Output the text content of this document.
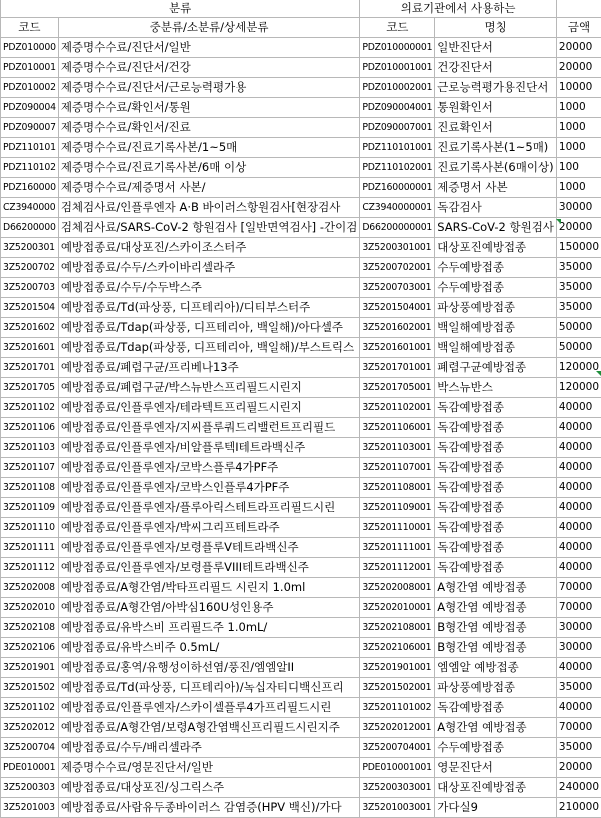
분류		의료기관에서 사용하는		
코드	중분류/소분류/상세분류	코드	명칭	금액
PDZ010000	제증명수수료/진단서/일반	PDZ010000001	일반진단서	20000
PDZ010001	제증명수수료/진단서/건강	PDZ010001001	건강진단서	20000
PDZ010002	제증명수수료/진단서/근로능력평가용	PDZ010002001	근로능력평가용진단서	10000
PDZ090004	제증명수수료/확인서/통원	PDZ090004001	통원확인서	1000
PDZ090007	제증명수수료/확인서/진료	PDZ090007001	진료확인서	1000
PDZ110101	제증명수수료/진료기록사본/1~5매	PDZ110101001	진료기록사본(1~5매)	1000
PDZ110102	제증명수수료/진료기록사본/6매 이상	PDZ110102001	진료기록사본(6매이상)	100
PDZ160000	제증명수수료/제증명서 사본/	PDZ160000001	제증명서 사본	1000
CZ3940000	검체검사료/인플루엔자 A·B 바이러스항원검사[현장검사	CZ3940000001	독감검사	30000
D66200000	검체검사료/SARS-CoV-2 항원검사 [일반면역검사] -간이검	D66200000001	SARS-CoV-2 항원검사	20000
3Z5200301	예방접종료/대상포진/스카이조스터주	3Z5200301001	대상포진예방접종	150000
3Z5200702	예방접종료/수두/스카이바리셀라주	3Z5200702001	수두예방접종	35000
3Z5200703	예방접종료/수두/수두박스주	3Z5200703001	수두예방접종	35000
3Z5201504	예방접종료/Td(파상풍, 디프테리아)/디티부스터주	3Z5201504001	파상풍예방접종	35000
3Z5201602	예방접종료/Tdap(파상풍, 디프테리아, 백일해)/아다셀주	3Z5201602001	백일해예방접종	50000
3Z5201601	예방접종료/Tdap(파상풍, 디프테리아, 백일해)/부스트릭스	3Z5201601001	백일해예방접종	50000
3Z5201701	예방접종료/폐렴구균/프리베나13주	3Z5201701001	폐렴구균예방접종	120000
3Z5201705	예방접종료/폐렴구균/박스뉴반스프리필드시린지	3Z5201705001	박스뉴반스	120000
3Z5201102	예방접종료/인플루엔자/테라텍트프리필드시린지	3Z5201102001	독감예방접종	40000
3Z5201106	예방접종료/인플루엔자/지씨플루쿼드리밸런트프리필드	3Z5201106001	독감예방접종	40000
3Z5201103	예방접종료/인플루엔자/비알플루텍I테트라백신주	3Z5201103001	독감예방접종	40000
3Z5201107	예방접종료/인플루엔자/코박스플루4가PF주	3Z5201107001	독감예방접종	40000
3Z5201108	예방접종료/인플루엔자/코박스인플루4가PF주	3Z5201108001	독감예방접종	40000
3Z5201109	예방접종료/인플루엔자/플루아릭스테트라프리필드시린	3Z5201109001	독감예방접종	40000
3Z5201110	예방접종료/인플루엔자/박씨그리프테트라주	3Z5201110001	독감예방접종	40000
3Z5201111	예방접종료/인플루엔자/보령플루V테트라백신주	3Z5201111001	독감예방접종	40000
3Z5201112	예방접종료/인플루엔자/보령플루VIII테트라백신주	3Z5201112001	독감예방접종	40000
3Z5202008	예방접종료/A형간염/박타프리필드 시린지 1.0ml	3Z5202008001	A형간염 예방접종	70000
3Z5202010	예방접종료/A형간염/아박심160U성인용주	3Z5202010001	A형간염 예방접종	70000
3Z5202108	예방접종료/유박스비 프리필드주 1.0mL/	3Z5202108001	B형간염 예방접종	30000
3Z5202106	예방접종료/유박스비주 0.5mL/	3Z5202106001	B형간염 예방접종	30000
3Z5201901	예방접종료/홍역/유행성이하선염/풍진/엠엠알II	3Z5201901001	엠엠알 예방접종	40000
3Z5201502	예방접종료/Td(파상풍, 디프테리아)/녹십자티디백신프리	3Z5201502001	파상풍예방접종	35000
3Z5201102	예방접종료/인플루엔자/스카이셀플루4가프리필드시린	3Z5201101002	독감예방접종	40000
3Z5202012	예방접종료/A형간염/보령A형간염백신프리필드시린지주	3Z5202012001	A형간염 예방접종	70000
3Z5200704	예방접종료/수두/배리셀라주	3Z5200704001	수두예방접종	35000
PDE010001	제증명수수료/영문진단서/일반	PDE010001001	영문진단서	20000
3Z5200303	예방접종료/대상포진/싱그릭스주	3Z5200303001	대상포진예방접종	240000
3Z5201003	예방접종료/사람유두종바이러스 감염증(HPV 백신)/가다	3Z5201003001	가다실9	210000
